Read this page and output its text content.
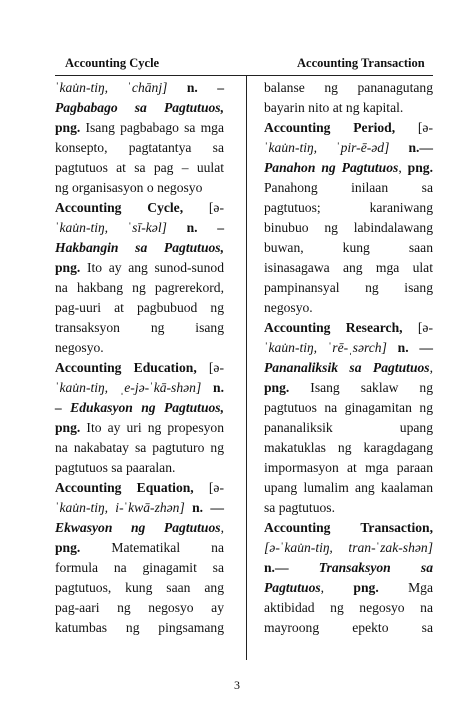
Accounting Cycle	Accounting Transaction
ˈkau̇n-tiŋ, ˈchānj] n. –
Pagbabago sa Pagtutuos,
png. Isang pagbabago sa mga
konsepto, pagtatantya sa
pagtutuos at sa pag – uulat
ng organisasyon o negosyo
Accounting Cycle, [ə-
ˈkau̇n-tiŋ, ˈsī-kəl] n. –
Hakbangin sa Pagtutuos,
png. Ito ay ang sunod-sunod
na hakbang ng pagrerekord,
pag-uuri at pagbubuod ng
transaksyon ng isang
negosyo.
Accounting Education, [ə-
ˈkau̇n-tiŋ, ˌe-jə-ˈkā-shən] n.
– Edukasyon ng Pagtutuos,
png. Ito ay uri ng propesyon
na nakabatay sa pagtuturo ng
pagtutuos sa paaralan.
Accounting Equation, [ə-
ˈkau̇n-tiŋ, i-ˈkwā-zhən] n. —
Ekwasyon ng Pagtutuos,
png. Matematikal na
formula na ginagamit sa
pagtutuos, kung saan ang
pag-aari ng negosyo ay
katumbas ng pingsamang
balanse ng pananagutang
bayarin nito at ng kapital.
Accounting Period, [ə-
ˈkau̇n-tiŋ, ˈpir-ē-əd] n.—
Panahon ng Pagtutuos, png.
Panahong inilaan sa
pagtutuos; karaniwang
binubuo ng labindalawang
buwan, kung saan
isinasagawa ang mga ulat
pampinansyal ng isang
negosyo.
Accounting Research, [ə-
ˈkau̇n-tiŋ, ˈrē-ˌsərch] n. —
Pananaliksik sa Pagtutuos,
png. Isang saklaw ng
pagtutuos na ginagamitan ng
pananaliksik upang
makatuklas ng karagdagang
impormasyon at mga paraan
upang lumalim ang kaalaman
sa pagtutuos.
Accounting Transaction,
[ə-ˈkau̇n-tiŋ, tran-ˈzak-shən]
n.— Transaksyon sa
Pagtutuos, png. Mga
aktibidad ng negosyo na
mayroong epekto sa
3
